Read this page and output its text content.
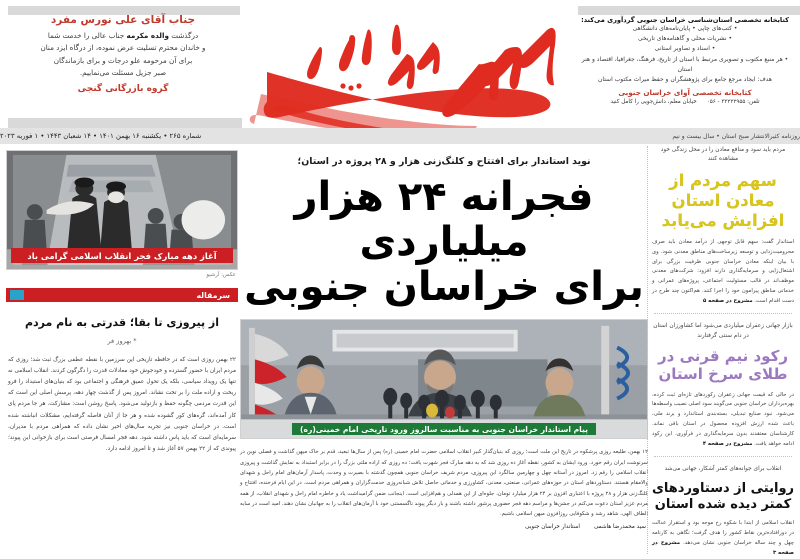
جناب آقای علی نورس مفرد
درگذشت والده مکرمه جناب عالی را خدمت شما
و خاندان محترم تسلیت عرض نموده، از درگاه ایزد منان
برای آن مرحومه علو درجات و برای بازماندگان
صبر جزیل مسئلت می‌نماییم.
گروه بازرگانی گنجی
کتابخانه تخصصی استان‌شناسی خراسان جنوبی گردآوری می‌کند:
• کتب‌های چاپی • پایان‌نامه‌های دانشگاهی
• نشریات محلی و گاهنامه‌های تاریخی
• اسناد و تصاویر استانی
• هر منبع مکتوب و تصویری مرتبط با استان از تاریخ، فرهنگ، جغرافیا، اقتصاد و هنر استان
هدف: ایجاد مرجع جامع برای پژوهشگران و حفظ میراث مکتوب استان
کتابخانه تخصصی آوای خراسان جنوبی
تلفن: ۳۲۲۲۲۹۵۵ - ۰۵۶
خیابان معلم، دانش‌جویی را کامل کنید
روزنامه کثیرالانتشار صبح استان • سال بیست و نیم
شماره ۲۶۵ • یکشنبه ۱۶ بهمن ۱۴۰۱ • ۱۴ شعبان ۱۴۴۳ • ۱ فوریه ۲۰۲۳
آغاز دهه مبارک فجر انقلاب اسلامی گرامی باد
عکس: آرشیو
سرمقاله
از پیروزی تا بقا؛ قدرتی به نام مردم
* بهروز فر
۲۲ بهمن روزی است که در حافظه تاریخی این سرزمین با نقطه عطفی بزرگ ثبت شد؛ روزی که مردم ایران با حضور گسترده و خودجوش خود معادلات قدرت را دگرگون کردند. انقلاب اسلامی نه تنها یک رویداد سیاسی، بلکه یک تحول عمیق فرهنگی و اجتماعی بود که بنیان‌های استبداد را فرو ریخت و اراده ملت را بر تخت نشاند. امروز پس از گذشت چهار دهه، پرسش اصلی این است که این قدرت مردمی چگونه حفظ و بازتولید می‌شود. پاسخ روشن است: مشارکت. هر جا مردم پای کار آمده‌اند، گره‌های کور گشوده شده و هر جا از آنان فاصله گرفته‌ایم، مشکلات انباشته شده است. در خراسان جنوبی نیز تجربه سال‌های اخیر نشان داده که همراهی مردم با مدیران، سرمایه‌ای است که باید پاس داشته شود. دهه فجر امسال فرصتی است برای بازخوانی این پیوند؛ پیوندی که از ۲۲ بهمن ۵۷ آغاز شد و تا امروز ادامه دارد.
نوید استاندار برای افتتاح و کلنگ‌زنی هزار و ۲۸ پروژه در استان؛
فجرانه ۲۴ هزار میلیاردی
برای خراسان جنوبی
پیام استاندار خراسان جنوبی به مناسبت سالروز ورود تاریخی امام خمینی(ره)
۱۲ بهمن، طلیعه روزی پرشکوه در تاریخ این ملت است؛ روزی که بنیان‌گذار کبیر انقلاب اسلامی حضرت امام خمینی (ره) پس از سال‌ها تبعید، قدم بر خاک میهن گذاشت و فصلی نوین در سرنوشت ایران رقم خورد. ورود ایشان به کشور، نقطه آغاز ده روزی شد که به دهه مبارک فجر شهرت یافت؛ ده روزی که اراده ملتی بزرگ را در برابر استبداد به نمایش گذاشت و پیروزی انقلاب اسلامی را رقم زد. امروز در آستانه چهل و چهارمین سالگرد این پیروزی، مردم شریف خراسان جنوبی همچون گذشته با بصیرت و وحدت، پاسدار آرمان‌های امام راحل و شهدای والامقام هستند. دستاوردهای استان در حوزه‌های عمرانی، صنعتی، معدنی، کشاورزی و خدماتی حاصل تلاش شبانه‌روزی خدمت‌گزاران و همراهی مردم است. در این ایام فرخنده، افتتاح و کلنگ‌زنی هزار و ۲۸ پروژه با اعتباری افزون بر ۲۴ هزار میلیارد تومان، جلوه‌ای از این همدلی و هم‌افزایی است. اینجانب ضمن گرامیداشت یاد و خاطره امام راحل و شهدای انقلاب، از همه مردم عزیز استان دعوت می‌کنم در جشن‌ها و مراسم دهه فجر حضوری پرشور داشته باشند و بار دیگر پیوند ناگسستنی خود با آرمان‌های انقلاب را به جهانیان نشان دهند. امید است در سایه الطاف الهی، شاهد رشد و شکوفایی روزافزون میهن اسلامی باشیم.
سید محمدرضا هاشمی
استاندار خراسان جنوبی
مردم باید سود و منافع معادن را در محل زندگی خود مشاهده کنند
سهم مردم از معادن استان افزایش می‌یابد
استاندار گفت: سهم قابل توجهی از درآمد معادن باید صرف محرومیت‌زدایی و توسعه زیرساخت‌های مناطق معدنی شود. وی با بیان اینکه معادن خراسان جنوبی ظرفیت بزرگی برای اشتغال‌زایی و سرمایه‌گذاری دارند افزود: شرکت‌های معدنی موظف‌اند در قالب مسئولیت اجتماعی، پروژه‌های عمرانی و خدماتی مناطق پیرامون خود را اجرا کنند. هم‌اکنون چند طرح در دست اقدام است. مشروح در صفحه ۵
بازار جهانی زعفران میلیاردی می‌شود اما کشاورزان استان در دام سنتی گرفتارند
رکود نیم قرنی در طلای سرخ استان
در حالی که قیمت جهانی زعفران رکوردهای تازه‌ای ثبت کرده، بهره‌برداران خراسان جنوبی می‌گویند سود اصلی نصیب واسطه‌ها می‌شود. نبود صنایع تبدیلی، بسته‌بندی استاندارد و برند ملی، باعث شده ارزش افزوده محصول در استان باقی نماند. کارشناسان معتقدند بدون سرمایه‌گذاری در فرآوری، این رکود ادامه خواهد یافت. مشروح در صفحه ۴
انقلاب برای جوانه‌های کمتر آشکار، جهانی می‌شد
روایتی از دستاوردهای کمتر دیده شده استان
انقلاب اسلامی از ابتدا با شکوه رخ موجه بود و استقرار عدالت در دورافتاده‌ترین نقاط کشور را هدف گرفت؛ نگاهی به کارنامه چهل و چند ساله خراسان جنوبی نشان می‌دهد. مشروح در صفحه ۳
